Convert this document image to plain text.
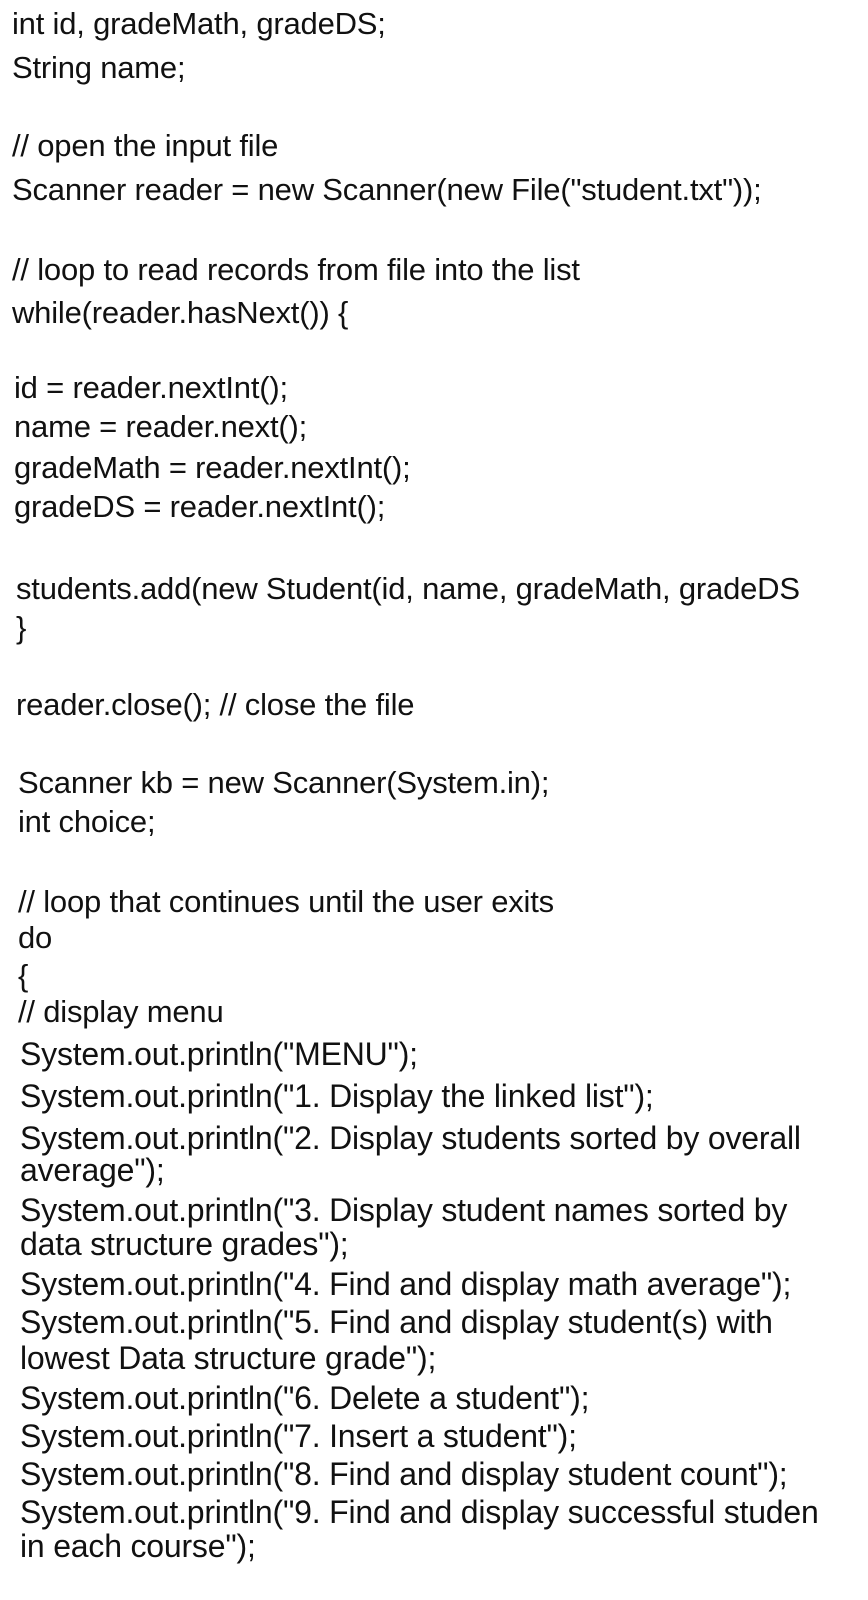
int id, gradeMath, gradeDS;
String name;
// open the input file
Scanner reader = new Scanner(new File("student.txt"));
// loop to read records from file into the list
while(reader.hasNext()) {
id = reader.nextInt();
name = reader.next();
gradeMath = reader.nextInt();
gradeDS = reader.nextInt();
students.add(new Student(id, name, gradeMath, gradeDS
}
reader.close(); // close the file
Scanner kb = new Scanner(System.in);
int choice;
// loop that continues until the user exits
do
{
// display menu
System.out.println("MENU");
System.out.println("1. Display the linked list");
System.out.println("2. Display students sorted by overall
average");
System.out.println("3. Display student names sorted by
data structure grades");
System.out.println("4. Find and display math average");
System.out.println("5. Find and display student(s) with
lowest Data structure grade");
System.out.println("6. Delete a student");
System.out.println("7. Insert a student");
System.out.println("8. Find and display student count");
System.out.println("9. Find and display successful studen
in each course");
